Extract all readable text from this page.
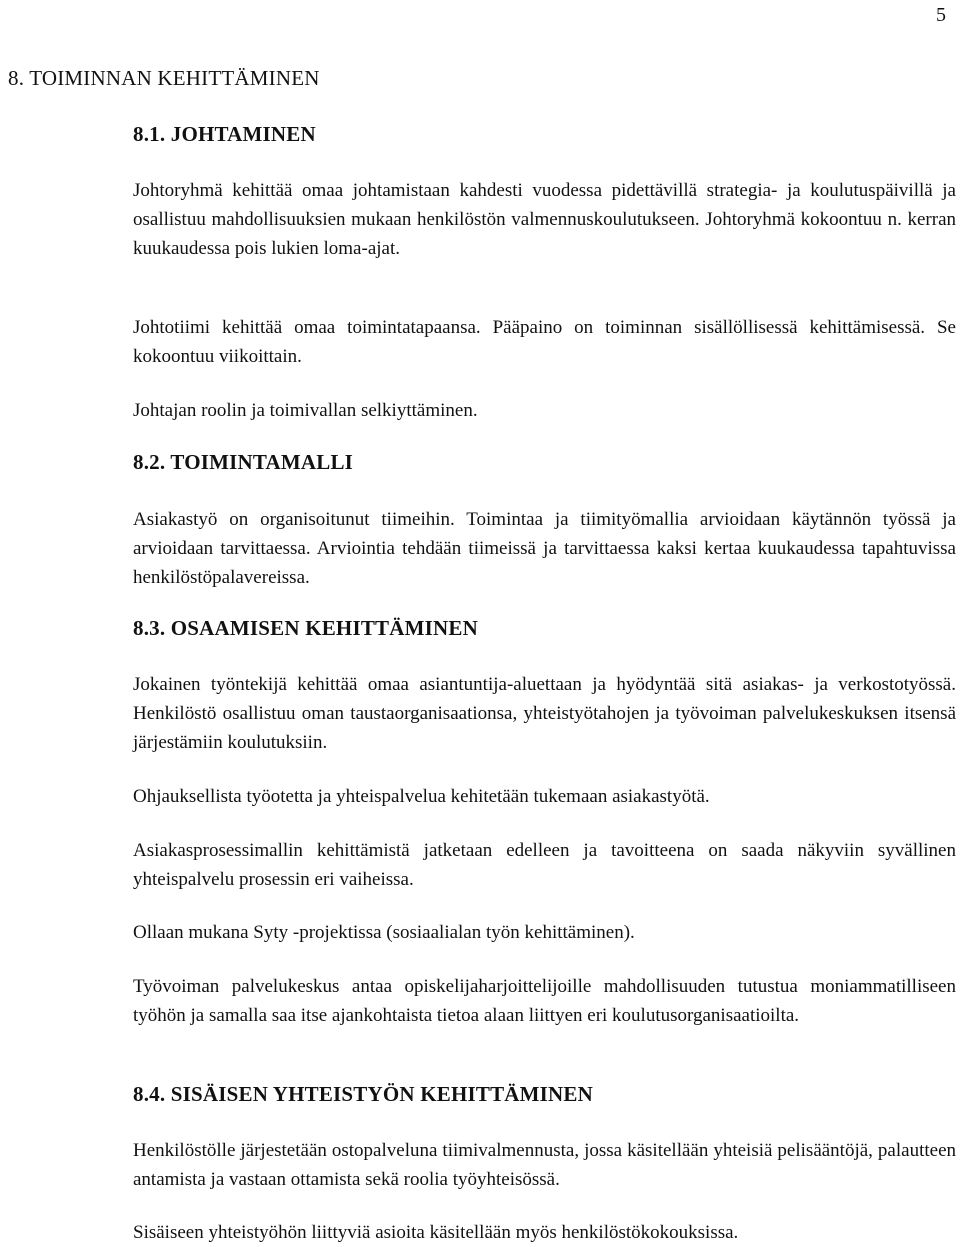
5
8. TOIMINNAN KEHITTÄMINEN
8.1. JOHTAMINEN
Johtoryhmä kehittää omaa johtamistaan kahdesti vuodessa pidettävillä strategia- ja koulutuspäivillä ja osallistuu mahdollisuuksien mukaan henkilöstön valmennuskoulutukseen. Johtoryhmä kokoontuu n. kerran kuukaudessa pois lukien loma-ajat.
Johtotiimi kehittää omaa toimintatapaansa. Pääpaino on toiminnan sisällöllisessä kehittämisessä. Se kokoontuu viikoittain.
Johtajan roolin ja toimivallan selkiyttäminen.
8.2. TOIMINTAMALLI
Asiakastyö on organisoitunut tiimeihin. Toimintaa ja tiimityömallia arvioidaan käytännön työssä ja arvioidaan tarvittaessa. Arviointia tehdään tiimeissä ja tarvittaessa kaksi kertaa kuukaudessa tapahtuvissa henkilöstöpalavereissa.
8.3. OSAAMISEN KEHITTÄMINEN
Jokainen työntekijä kehittää omaa asiantuntija-aluettaan ja hyödyntää sitä asiakas- ja verkostotyössä. Henkilöstö osallistuu oman taustaorganisaationsa, yhteistyötahojen ja työvoiman palvelukeskuksen itsensä järjestämiin koulutuksiin.
Ohjauksellista työotetta ja yhteispalvelua kehitetään tukemaan asiakastyötä.
Asiakasprosessimallin kehittämistä jatketaan edelleen ja tavoitteena on saada näkyviin syvällinen yhteispalvelu prosessin eri vaiheissa.
Ollaan mukana Syty -projektissa (sosiaalialan työn kehittäminen).
Työvoiman palvelukeskus antaa opiskelijaharjoittelijoille mahdollisuuden tutustua moniammatilliseen työhön ja samalla saa itse ajankohtaista tietoa alaan liittyen eri koulutusorganisaatioilta.
8.4. SISÄISEN YHTEISTYÖN KEHITTÄMINEN
Henkilöstölle järjestetään ostopalveluna tiimivalmennusta, jossa käsitellään yhteisiä pelisääntöjä, palautteen antamista ja vastaan ottamista sekä roolia työyhteisössä.
Sisäiseen yhteistyöhön liittyviä asioita käsitellään myös henkilöstökokouksissa.
